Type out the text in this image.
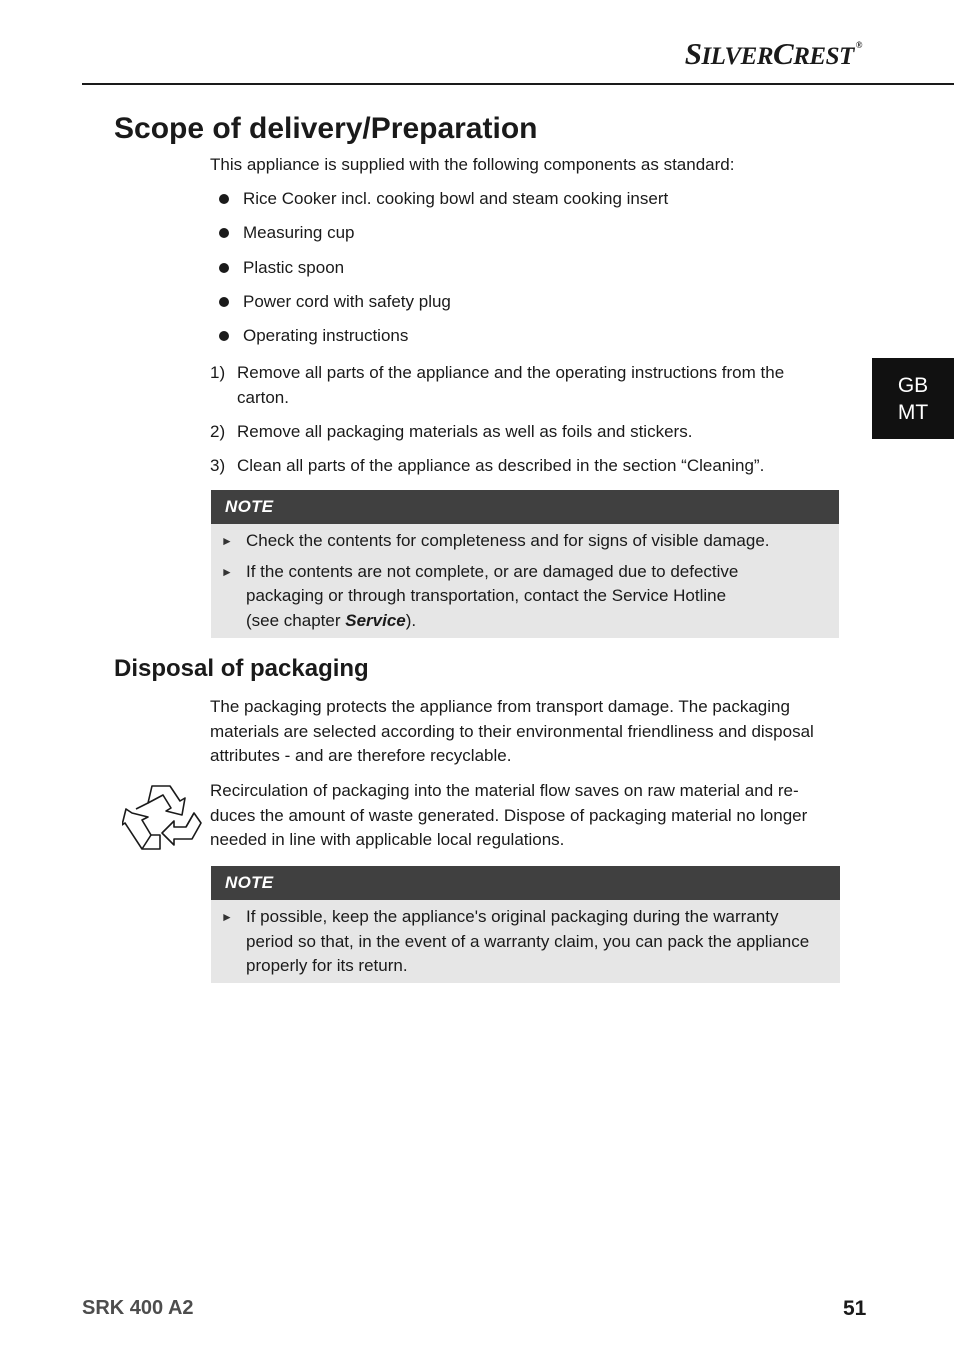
SILVERCREST ®
GB
MT
Scope of delivery/Preparation
This appliance is supplied with the following components as standard:
Rice Cooker incl. cooking bowl and steam cooking insert
Measuring cup
Plastic spoon
Power cord with safety plug
Operating instructions
1) Remove all parts of the appliance and the operating instructions from the carton.
2) Remove all packaging materials as well as foils and stickers.
3) Clean all parts of the appliance as described in the section “Cleaning”.
NOTE
► Check the contents for completeness and for signs of visible damage.
► If the contents are not complete, or are damaged due to defective packaging or through transportation, contact the Service Hotline (see chapter Service).
Disposal of packaging
The packaging protects the appliance from transport damage. The packaging materials are selected according to their environmental friendliness and disposal attributes - and are therefore recyclable.
Recirculation of packaging into the material flow saves on raw material and re-duces the amount of waste generated. Dispose of packaging material no longer needed in line with applicable local regulations.
NOTE
► If possible, keep the appliance's original packaging during the warranty period so that, in the event of a warranty claim, you can pack the appliance properly for its return.
SRK 400 A2	51
